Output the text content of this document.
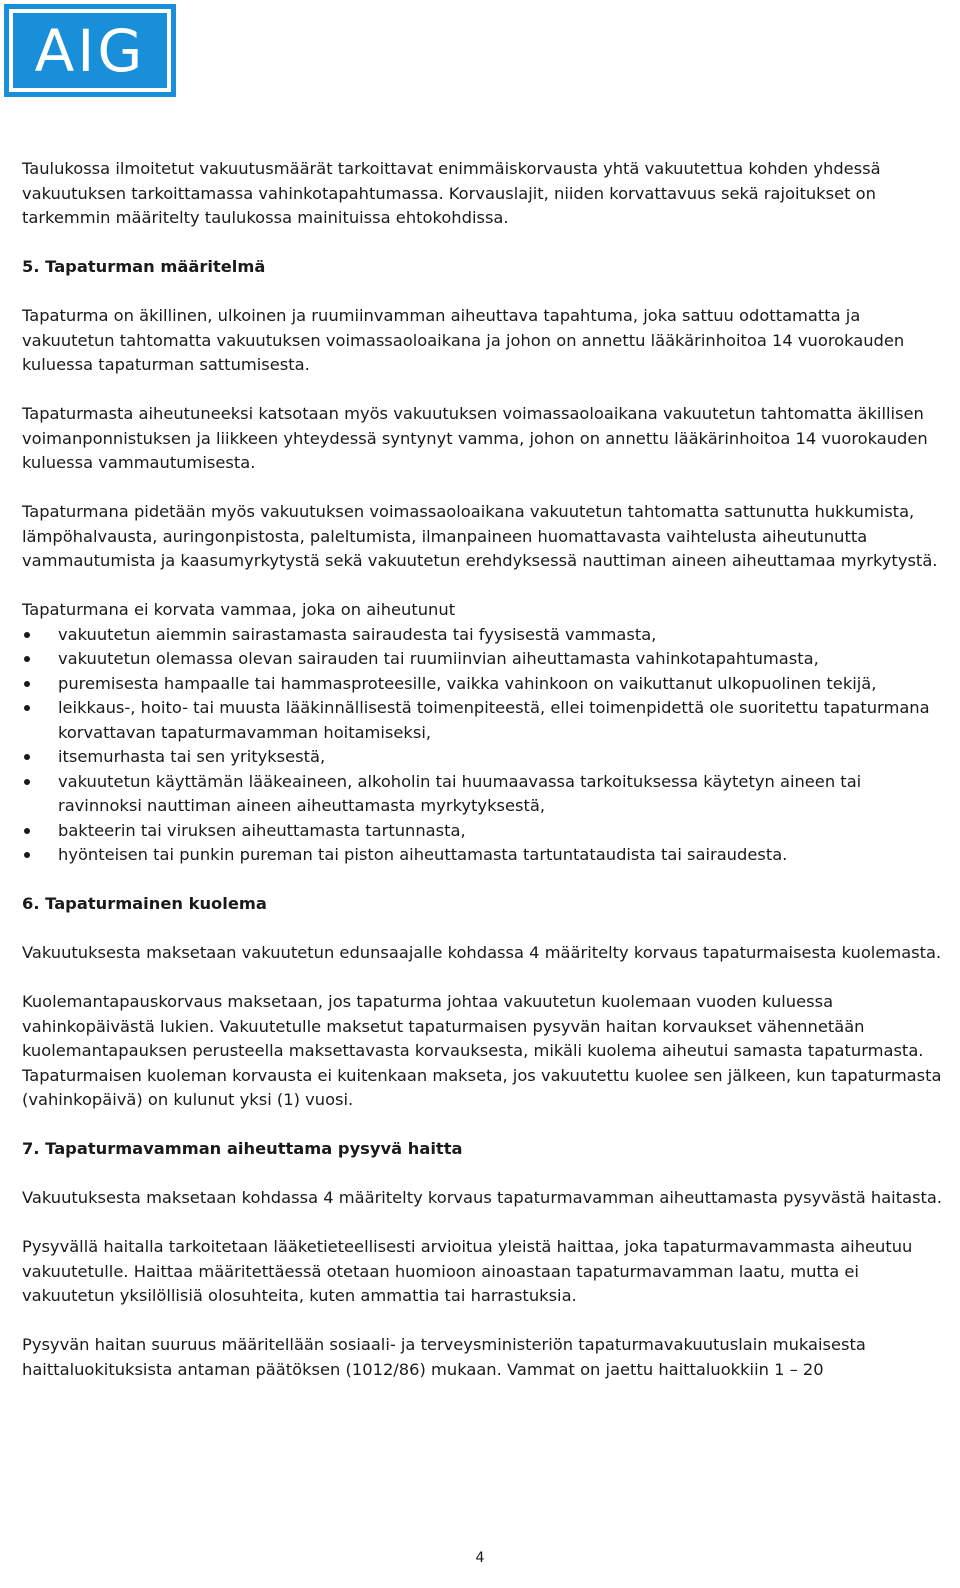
AIG

Taulukossa ilmoitetut vakuutusmäärät tarkoittavat enimmäiskorvausta yhtä vakuutettua kohden yhdessä vakuutuksen tarkoittamassa vahinkotapahtumassa. Korvauslajit, niiden korvattavuus sekä rajoitukset on tarkemmin määritelty taulukossa mainituissa ehtokohdissa.

5. Tapaturman määritelmä

Tapaturma on äkillinen, ulkoinen ja ruumiinvamman aiheuttava tapahtuma, joka sattuu odottamatta ja vakuutetun tahtomatta vakuutuksen voimassaoloaikana ja johon on annettu lääkärinhoitoa 14 vuorokauden kuluessa tapaturman sattumisesta.

Tapaturmasta aiheutuneeksi katsotaan myös vakuutuksen voimassaoloaikana vakuutetun tahtomatta äkillisen voimanponnistuksen ja liikkeen yhteydessä syntynyt vamma, johon on annettu lääkärinhoitoa 14 vuorokauden kuluessa vammautumisesta.

Tapaturmana pidetään myös vakuutuksen voimassaoloaikana vakuutetun tahtomatta sattunutta hukkumista, lämpöhalvausta, auringonpistosta, paleltumista, ilmanpaineen huomattavasta vaihtelusta aiheutunutta vammautumista ja kaasumyrkytystä sekä vakuutetun erehdyksessä nauttiman aineen aiheuttamaa myrkytystä.

Tapaturmana ei korvata vammaa, joka on aiheutunut

vakuutetun aiemmin sairastamasta sairaudesta tai fyysisestä vammasta,
vakuutetun olemassa olevan sairauden tai ruumiinvian aiheuttamasta vahinkotapahtumasta,
puremisesta hampaalle tai hammasproteesille, vaikka vahinkoon on vaikuttanut ulkopuolinen tekijä,
leikkaus-, hoito- tai muusta lääkinnällisestä toimenpiteestä, ellei toimenpidettä ole suoritettu tapaturmana korvattavan tapaturmavamman hoitamiseksi,
itsemurhasta tai sen yrityksestä,
vakuutetun käyttämän lääkeaineen, alkoholin tai huumaavassa tarkoituksessa käytetyn aineen tai ravinnoksi nauttiman aineen aiheuttamasta myrkytyksestä,
bakteerin tai viruksen aiheuttamasta tartunnasta,
hyönteisen tai punkin pureman tai piston aiheuttamasta tartuntataudista tai sairaudesta.
6. Tapaturmainen kuolema

Vakuutuksesta maksetaan vakuutetun edunsaajalle kohdassa 4 määritelty korvaus tapaturmaisesta kuolemasta.

Kuolemantapauskorvaus maksetaan, jos tapaturma johtaa vakuutetun kuolemaan vuoden kuluessa vahinkopäivästä lukien. Vakuutetulle maksetut tapaturmaisen pysyvän haitan korvaukset vähennetään kuolemantapauksen perusteella maksettavasta korvauksesta, mikäli kuolema aiheutui samasta tapaturmasta. Tapaturmaisen kuoleman korvausta ei kuitenkaan makseta, jos vakuutettu kuolee sen jälkeen, kun tapaturmasta (vahinkopäivä) on kulunut yksi (1) vuosi.

7. Tapaturmavamman aiheuttama pysyvä haitta

Vakuutuksesta maksetaan kohdassa 4 määritelty korvaus tapaturmavamman aiheuttamasta pysyvästä haitasta.

Pysyvällä haitalla tarkoitetaan lääketieteellisesti arvioitua yleistä haittaa, joka tapaturmavammasta aiheutuu vakuutetulle. Haittaa määritettäessä otetaan huomioon ainoastaan tapaturmavamman laatu, mutta ei vakuutetun yksilöllisiä olosuhteita, kuten ammattia tai harrastuksia.

Pysyvän haitan suuruus määritellään sosiaali- ja terveysministeriön tapaturmavakuutuslain mukaisesta haittaluokituksista antaman päätöksen (1012/86) mukaan. Vammat on jaettu haittaluokkiin 1 – 20

4
